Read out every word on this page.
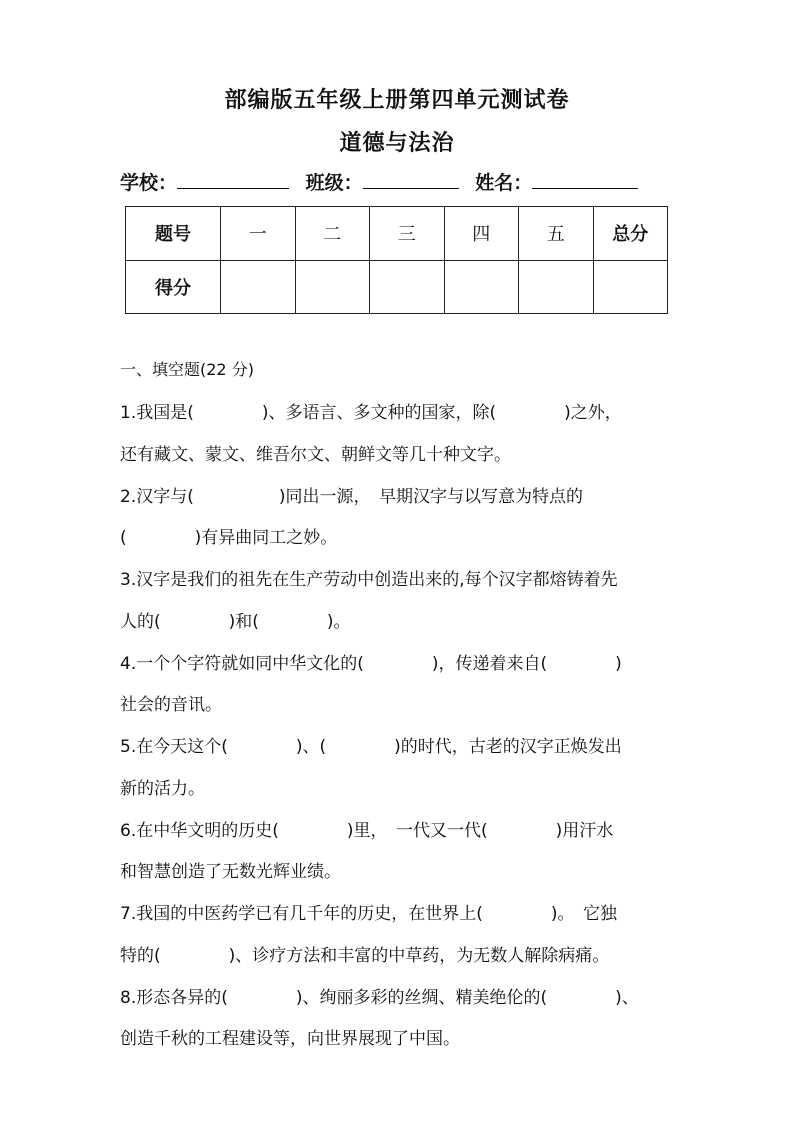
部编版五年级上册第四单元测试卷
道德与法治
学校：	班级：	姓名：
题号	一	二	三	四	五	总分
得分						
一、填空题(22 分)
1.我国是(　　　　)、多语言、多文种的国家，除(　　　　)之外，
还有藏文、蒙文、维吾尔文、朝鲜文等几十种文字。
2.汉字与(　　　　　)同出一源，　早期汉字与以写意为特点的
(　　　　)有异曲同工之妙。
3.汉字是我们的祖先在生产劳动中创造出来的,每个汉字都熔铸着先
人的(　　　　)和(　　　　)。
4.一个个字符就如同中华文化的(　　　　)，传递着来自(　　　　)
社会的音讯。
5.在今天这个(　　　　)、(　　　　)的时代，古老的汉字正焕发出
新的活力。
6.在中华文明的历史(　　　　)里，　一代又一代(　　　　)用汗水
和智慧创造了无数光辉业绩。
7.我国的中医药学已有几千年的历史，在世界上(　　　　)。　它独
特的(　　　　)、诊疗方法和丰富的中草药，为无数人解除病痛。
8.形态各异的(　　　　)、绚丽多彩的丝绸、精美绝伦的(　　　　)、
创造千秋的工程建设等，向世界展现了中国。
